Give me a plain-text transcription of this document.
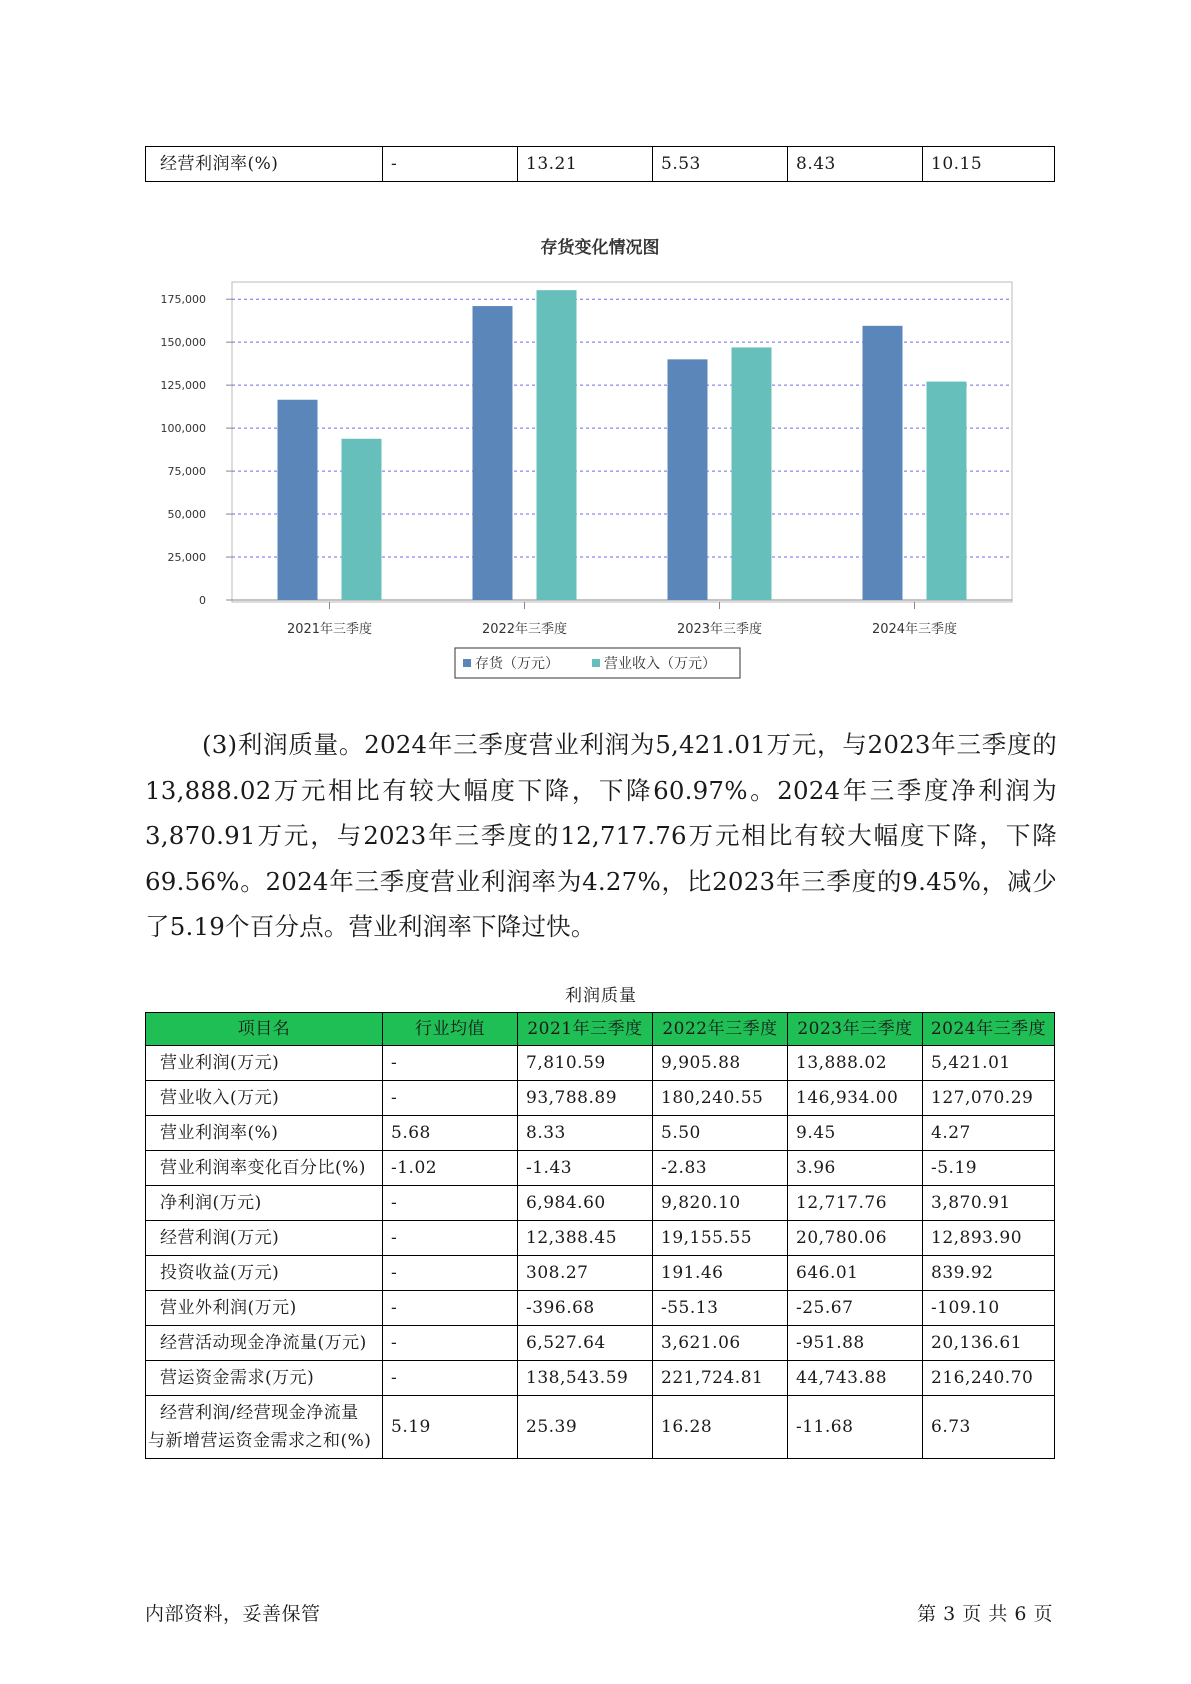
经营利润率(%)	-	13.21	5.53	8.43	10.15
存货变化情况图
0
25,000
50,000
75,000
100,000
125,000
150,000
175,000
2021年三季度	2022年三季度	2023年三季度	2024年三季度
存货（万元）	营业收入（万元）
(3)利润质量。2024年三季度营业利润为5,421.01万元，与2023年三季度的13,888.02万元相比有较大幅度下降，下降60.97%。2024年三季度净利润为3,870.91万元，与2023年三季度的12,717.76万元相比有较大幅度下降，下降69.56%。2024年三季度营业利润率为4.27%，比2023年三季度的9.45%，减少了5.19个百分点。营业利润率下降过快。
利润质量
项目名	行业均值	2021年三季度	2022年三季度	2023年三季度	2024年三季度
营业利润(万元)	-	7,810.59	9,905.88	13,888.02	5,421.01
营业收入(万元)	-	93,788.89	180,240.55	146,934.00	127,070.29
营业利润率(%)	5.68	8.33	5.50	9.45	4.27
营业利润率变化百分比(%)	-1.02	-1.43	-2.83	3.96	-5.19
净利润(万元)	-	6,984.60	9,820.10	12,717.76	3,870.91
经营利润(万元)	-	12,388.45	19,155.55	20,780.06	12,893.90
投资收益(万元)	-	308.27	191.46	646.01	839.92
营业外利润(万元)	-	-396.68	-55.13	-25.67	-109.10
经营活动现金净流量(万元)	-	6,527.64	3,621.06	-951.88	20,136.61
营运资金需求(万元)	-	138,543.59	221,724.81	44,743.88	216,240.70
经营利润/经营现金净流量与新增营运资金需求之和(%)	5.19	25.39	16.28	-11.68	6.73
内部资料，妥善保管	第 3 页 共 6 页
